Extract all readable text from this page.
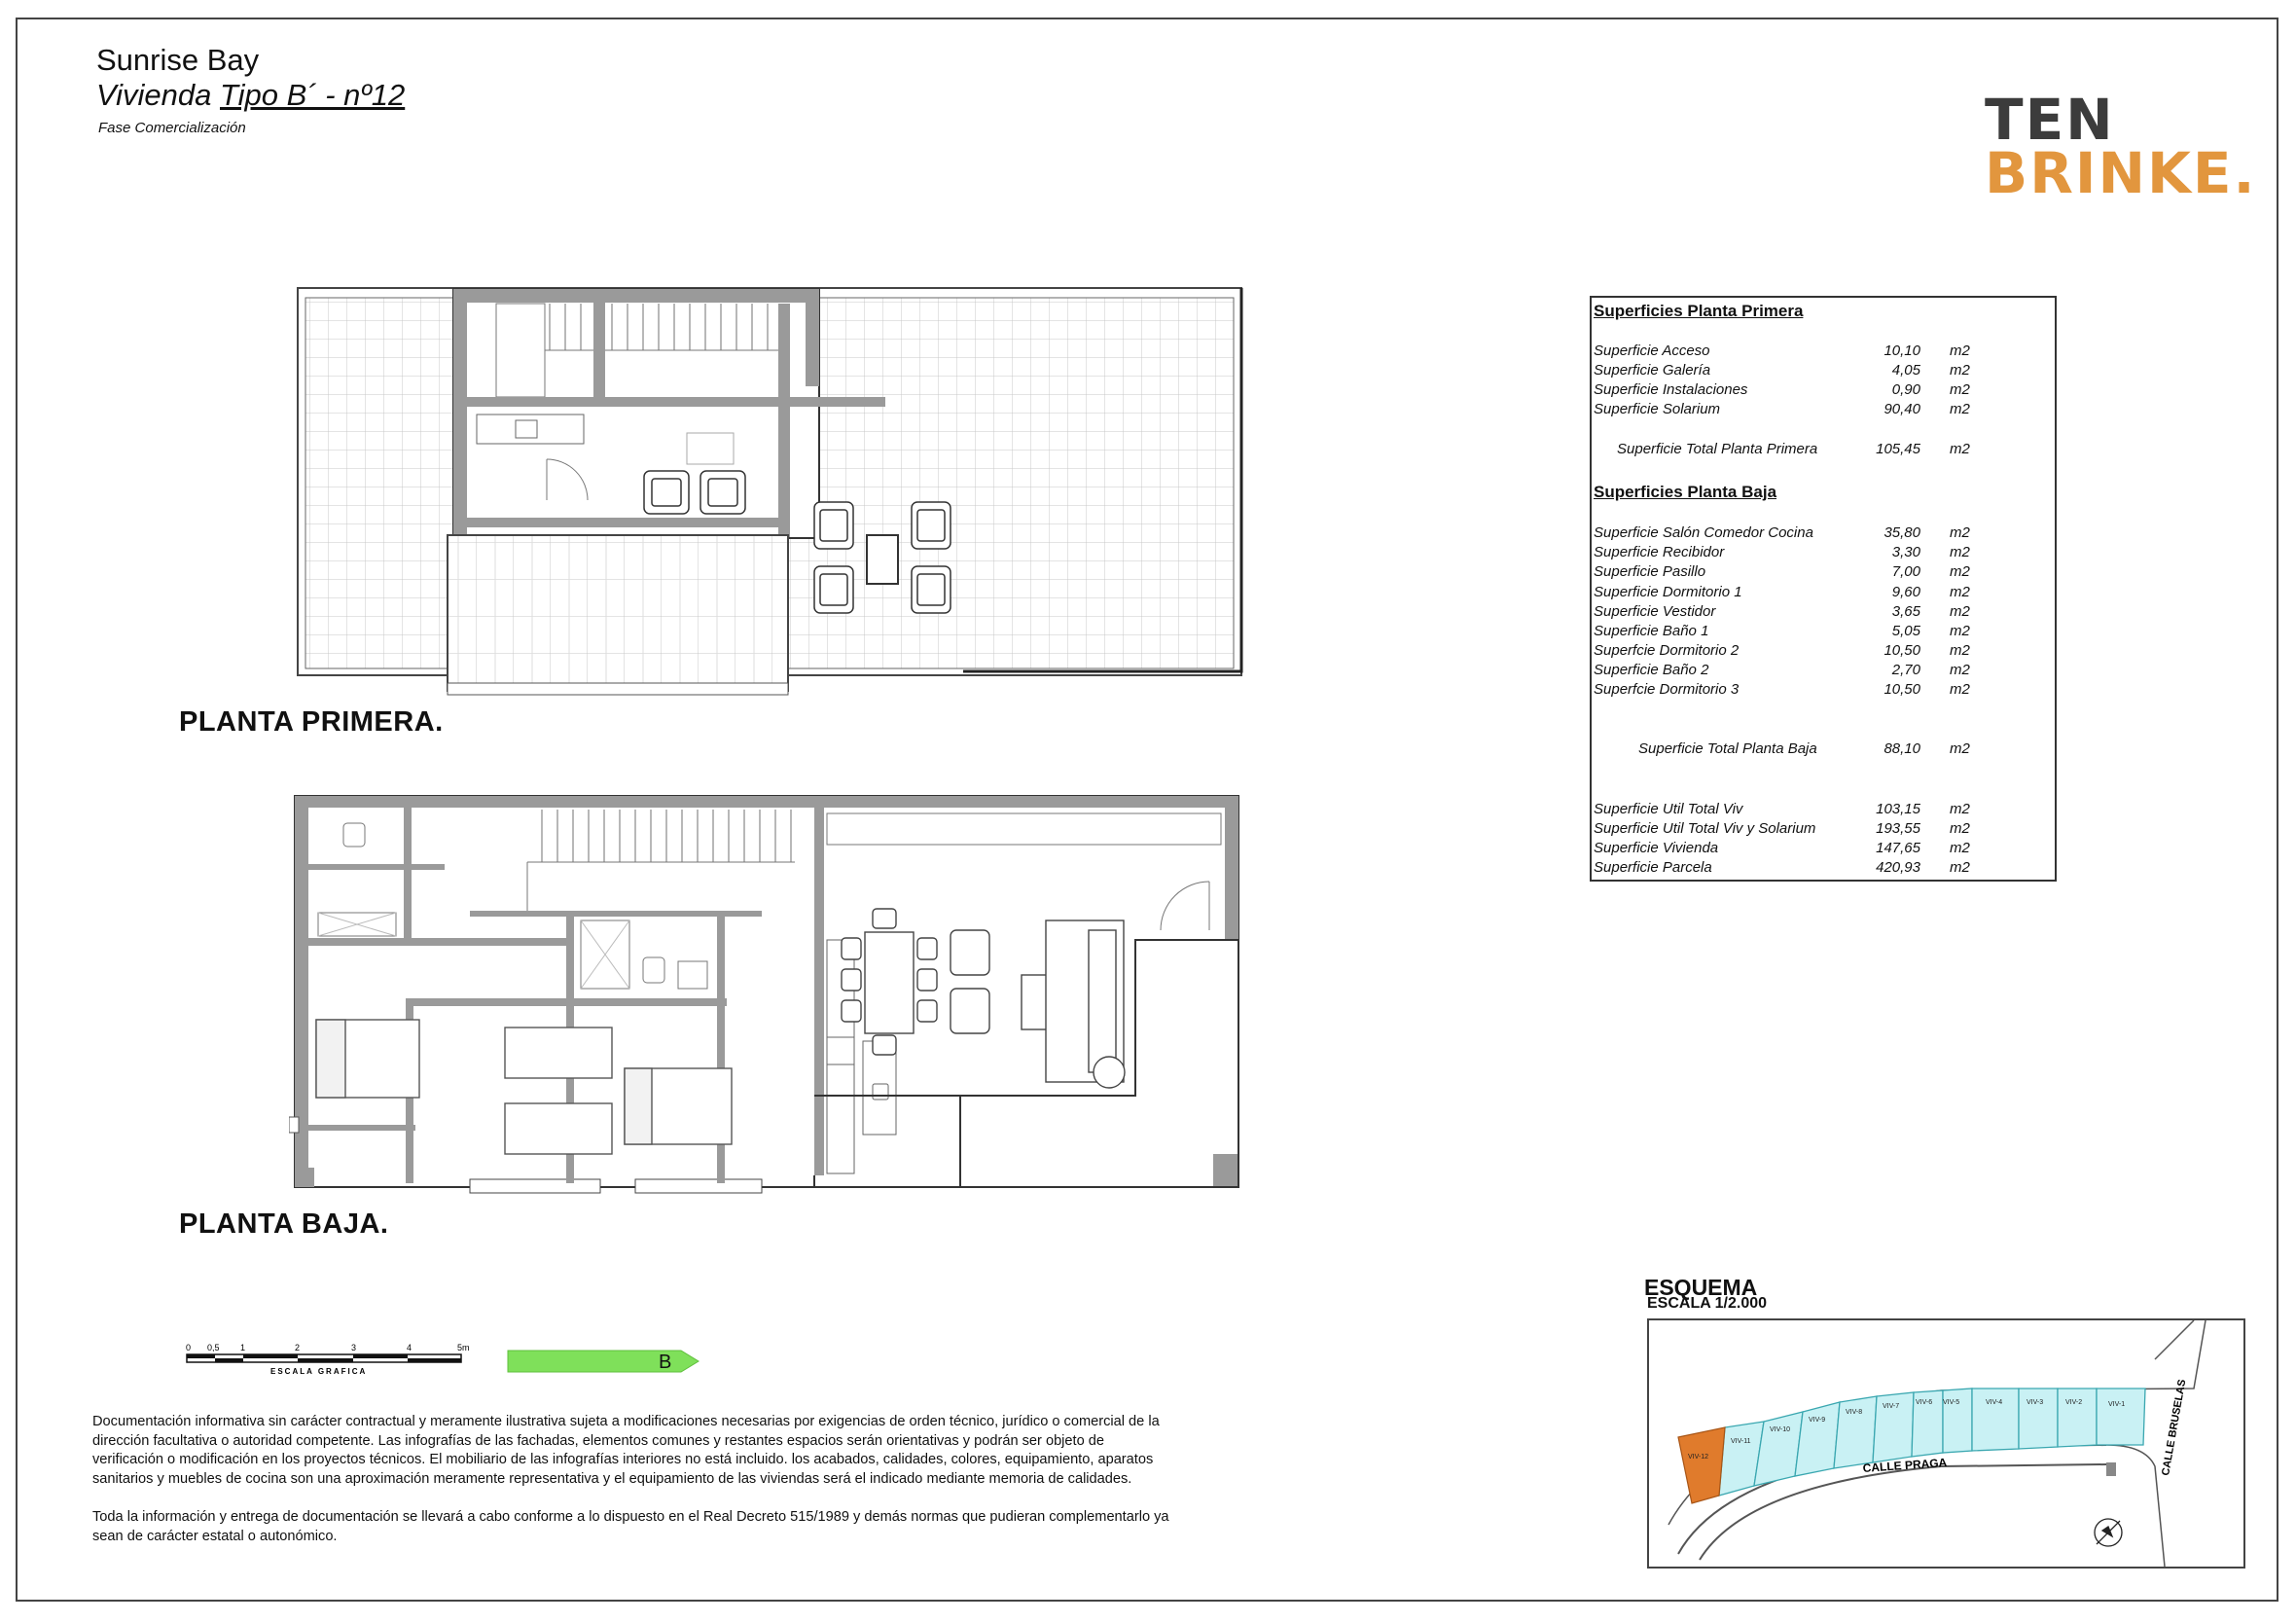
Sunrise Bay
Vivienda Tipo B´ - nº12
Fase Comercialización	TEN
BRINKE.
PLANTA PRIMERA.
PLANTA BAJA.
Superficies Planta Primera
Superficie Acceso	10,10 m2
Superficie Galería	4,05 m2
Superficie Instalaciones	0,90 m2
Superficie Solarium	90,40 m2
Superficie Total Planta Primera	105,45 m2
Superficies Planta Baja
Superficie Salón Comedor Cocina	35,80 m2
Superficie Recibidor	3,30 m2
Superficie Pasillo	7,00 m2
Superficie Dormitorio 1	9,60 m2
Superficie Vestidor	3,65 m2
Superficie Baño 1	5,05 m2
Superfcie Dormitorio 2	10,50 m2
Superficie Baño 2	2,70 m2
Superfcie Dormitorio 3	10,50 m2
Superficie Total Planta Baja	88,10 m2
Superficie Util Total Viv	103,15 m2
Superficie Util Total Viv y Solarium	193,55 m2
Superficie Vivienda	147,65 m2
Superficie Parcela	420,93 m2
0 0,5 1	2	3	4	5m
ESCALA GRAFICA	B
ESQUEMA
ESCALA 1/2.000
VIV-12
VIV-11
VIV-10
VIV-9
VIV-8
VIV-7
VIV-6 VIV-5	VIV-4	VIV-3	VIV-2	VIV-1
CALLE PRAGA	CALLE BRUSELAS

Documentación informativa sin carácter contractual y meramente ilustrativa sujeta a modificaciones necesarias por exigencias de orden técnico, jurídico o comercial de la dirección facultativa o autoridad competente. Las infografías de las fachadas, elementos comunes y restantes espacios serán orientativas y podrán ser objeto de verificación o modificación en los proyectos técnicos. El mobiliario de las infografías interiores no está incluido. los acabados, calidades, colores, equipamiento, aparatos sanitarios y muebles de cocina son una aproximación meramente representativa y el equipamiento de las viviendas será el indicado mediante memoria de calidades.

Toda la información y entrega de documentación se llevará a cabo conforme a lo dispuesto en el Real Decreto 515/1989 y demás normas que pudieran complementarlo ya sean de carácter estatal o autonómico.
